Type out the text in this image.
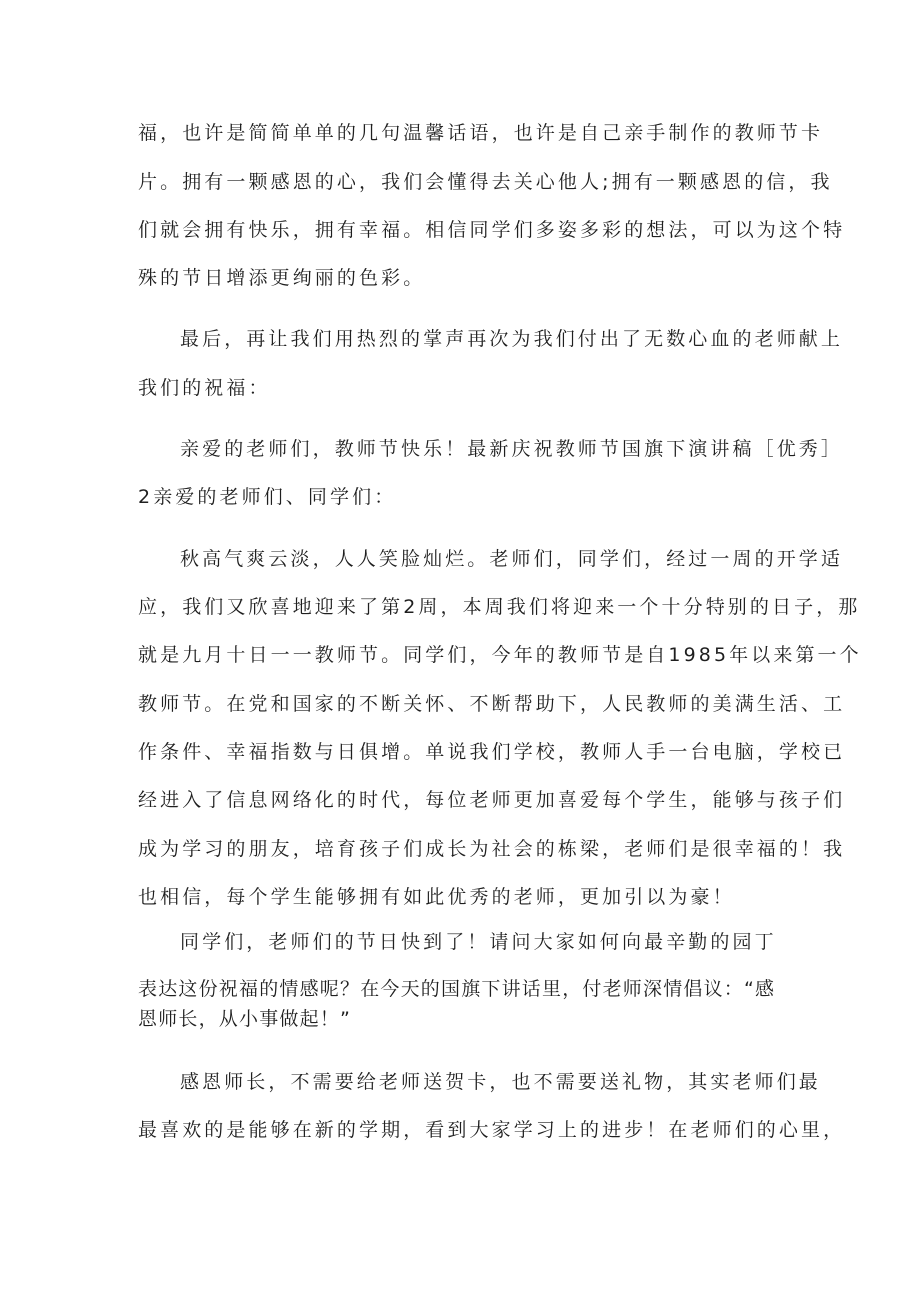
福，也许是简简单单的几句温馨话语，也许是自己亲手制作的教师节卡
片。拥有一颗感恩的心，我们会懂得去关心他人;拥有一颗感恩的信，我
们就会拥有快乐，拥有幸福。相信同学们多姿多彩的想法，可以为这个特
殊的节日增添更绚丽的色彩。
最后，再让我们用热烈的掌声再次为我们付出了无数心血的老师献上
我们的祝福：
亲爱的老师们，教师节快乐！最新庆祝教师节国旗下演讲稿［优秀］
2亲爱的老师们、同学们：
秋高气爽云淡，人人笑脸灿烂。老师们，同学们，经过一周的开学适
应，我们又欣喜地迎来了第2周，本周我们将迎来一个十分特别的日子，那
就是九月十日一一教师节。同学们，今年的教师节是自1985年以来第一个
教师节。在党和国家的不断关怀、不断帮助下，人民教师的美满生活、工
作条件、幸福指数与日俱增。单说我们学校，教师人手一台电脑，学校已
经进入了信息网络化的时代，每位老师更加喜爱每个学生，能够与孩子们
成为学习的朋友，培育孩子们成长为社会的栋梁，老师们是很幸福的！我
也相信，每个学生能够拥有如此优秀的老师，更加引以为豪！
同学们，老师们的节日快到了！请问大家如何向最辛勤的园丁
表达这份祝福的情感呢？在今天的国旗下讲话里，付老师深情倡议：“感
恩师长，从小事做起！”
感恩师长，不需要给老师送贺卡，也不需要送礼物，其实老师们最
最喜欢的是能够在新的学期，看到大家学习上的进步！在老师们的心里，
